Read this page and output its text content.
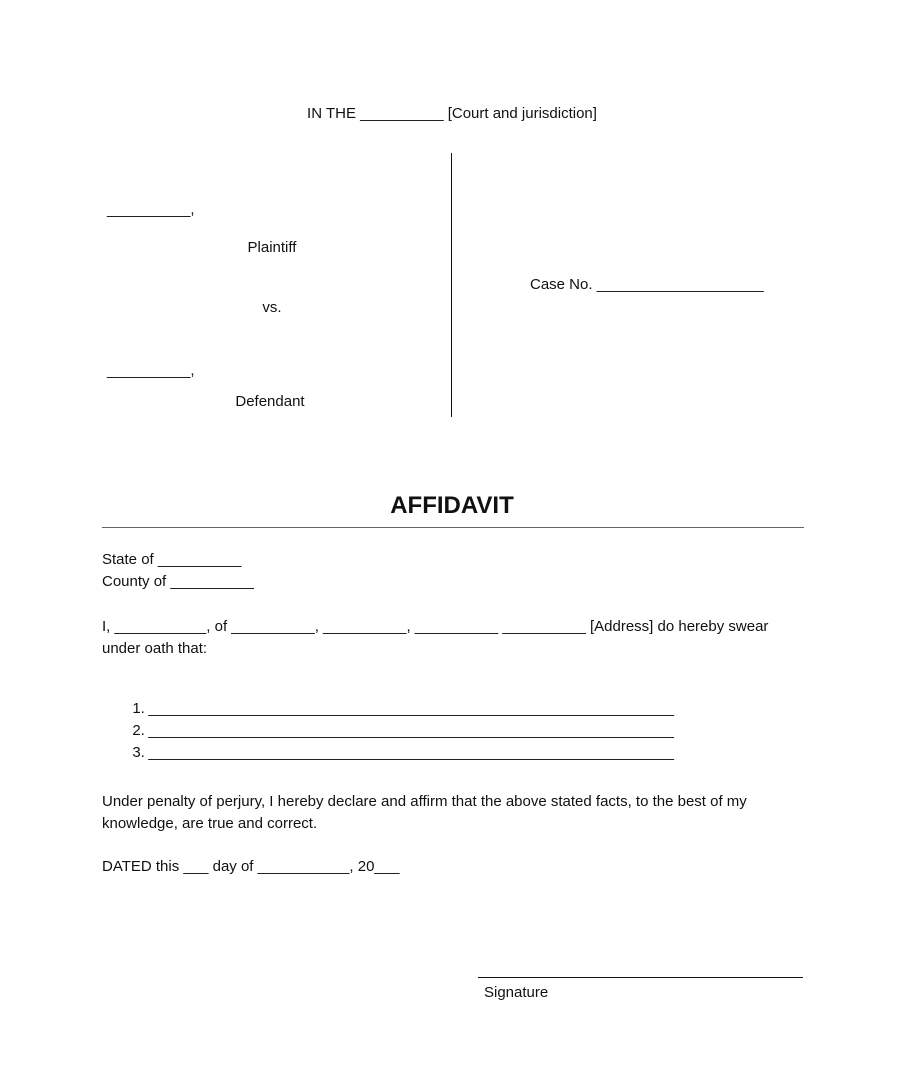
IN THE __________ [Court and jurisdiction]
__________,
Plaintiff
vs.
__________,
Defendant
Case No. ____________________
AFFIDAVIT
State of __________
County of __________
I, ___________, of __________, __________, __________ __________ [Address] do hereby swear under oath that:

1. _______________________________________________________________

2. _______________________________________________________________

3. _______________________________________________________________

Under penalty of perjury, I hereby declare and affirm that the above stated facts, to the best of my knowledge, are true and correct.
DATED this ___ day of ___________, 20___
Signature
